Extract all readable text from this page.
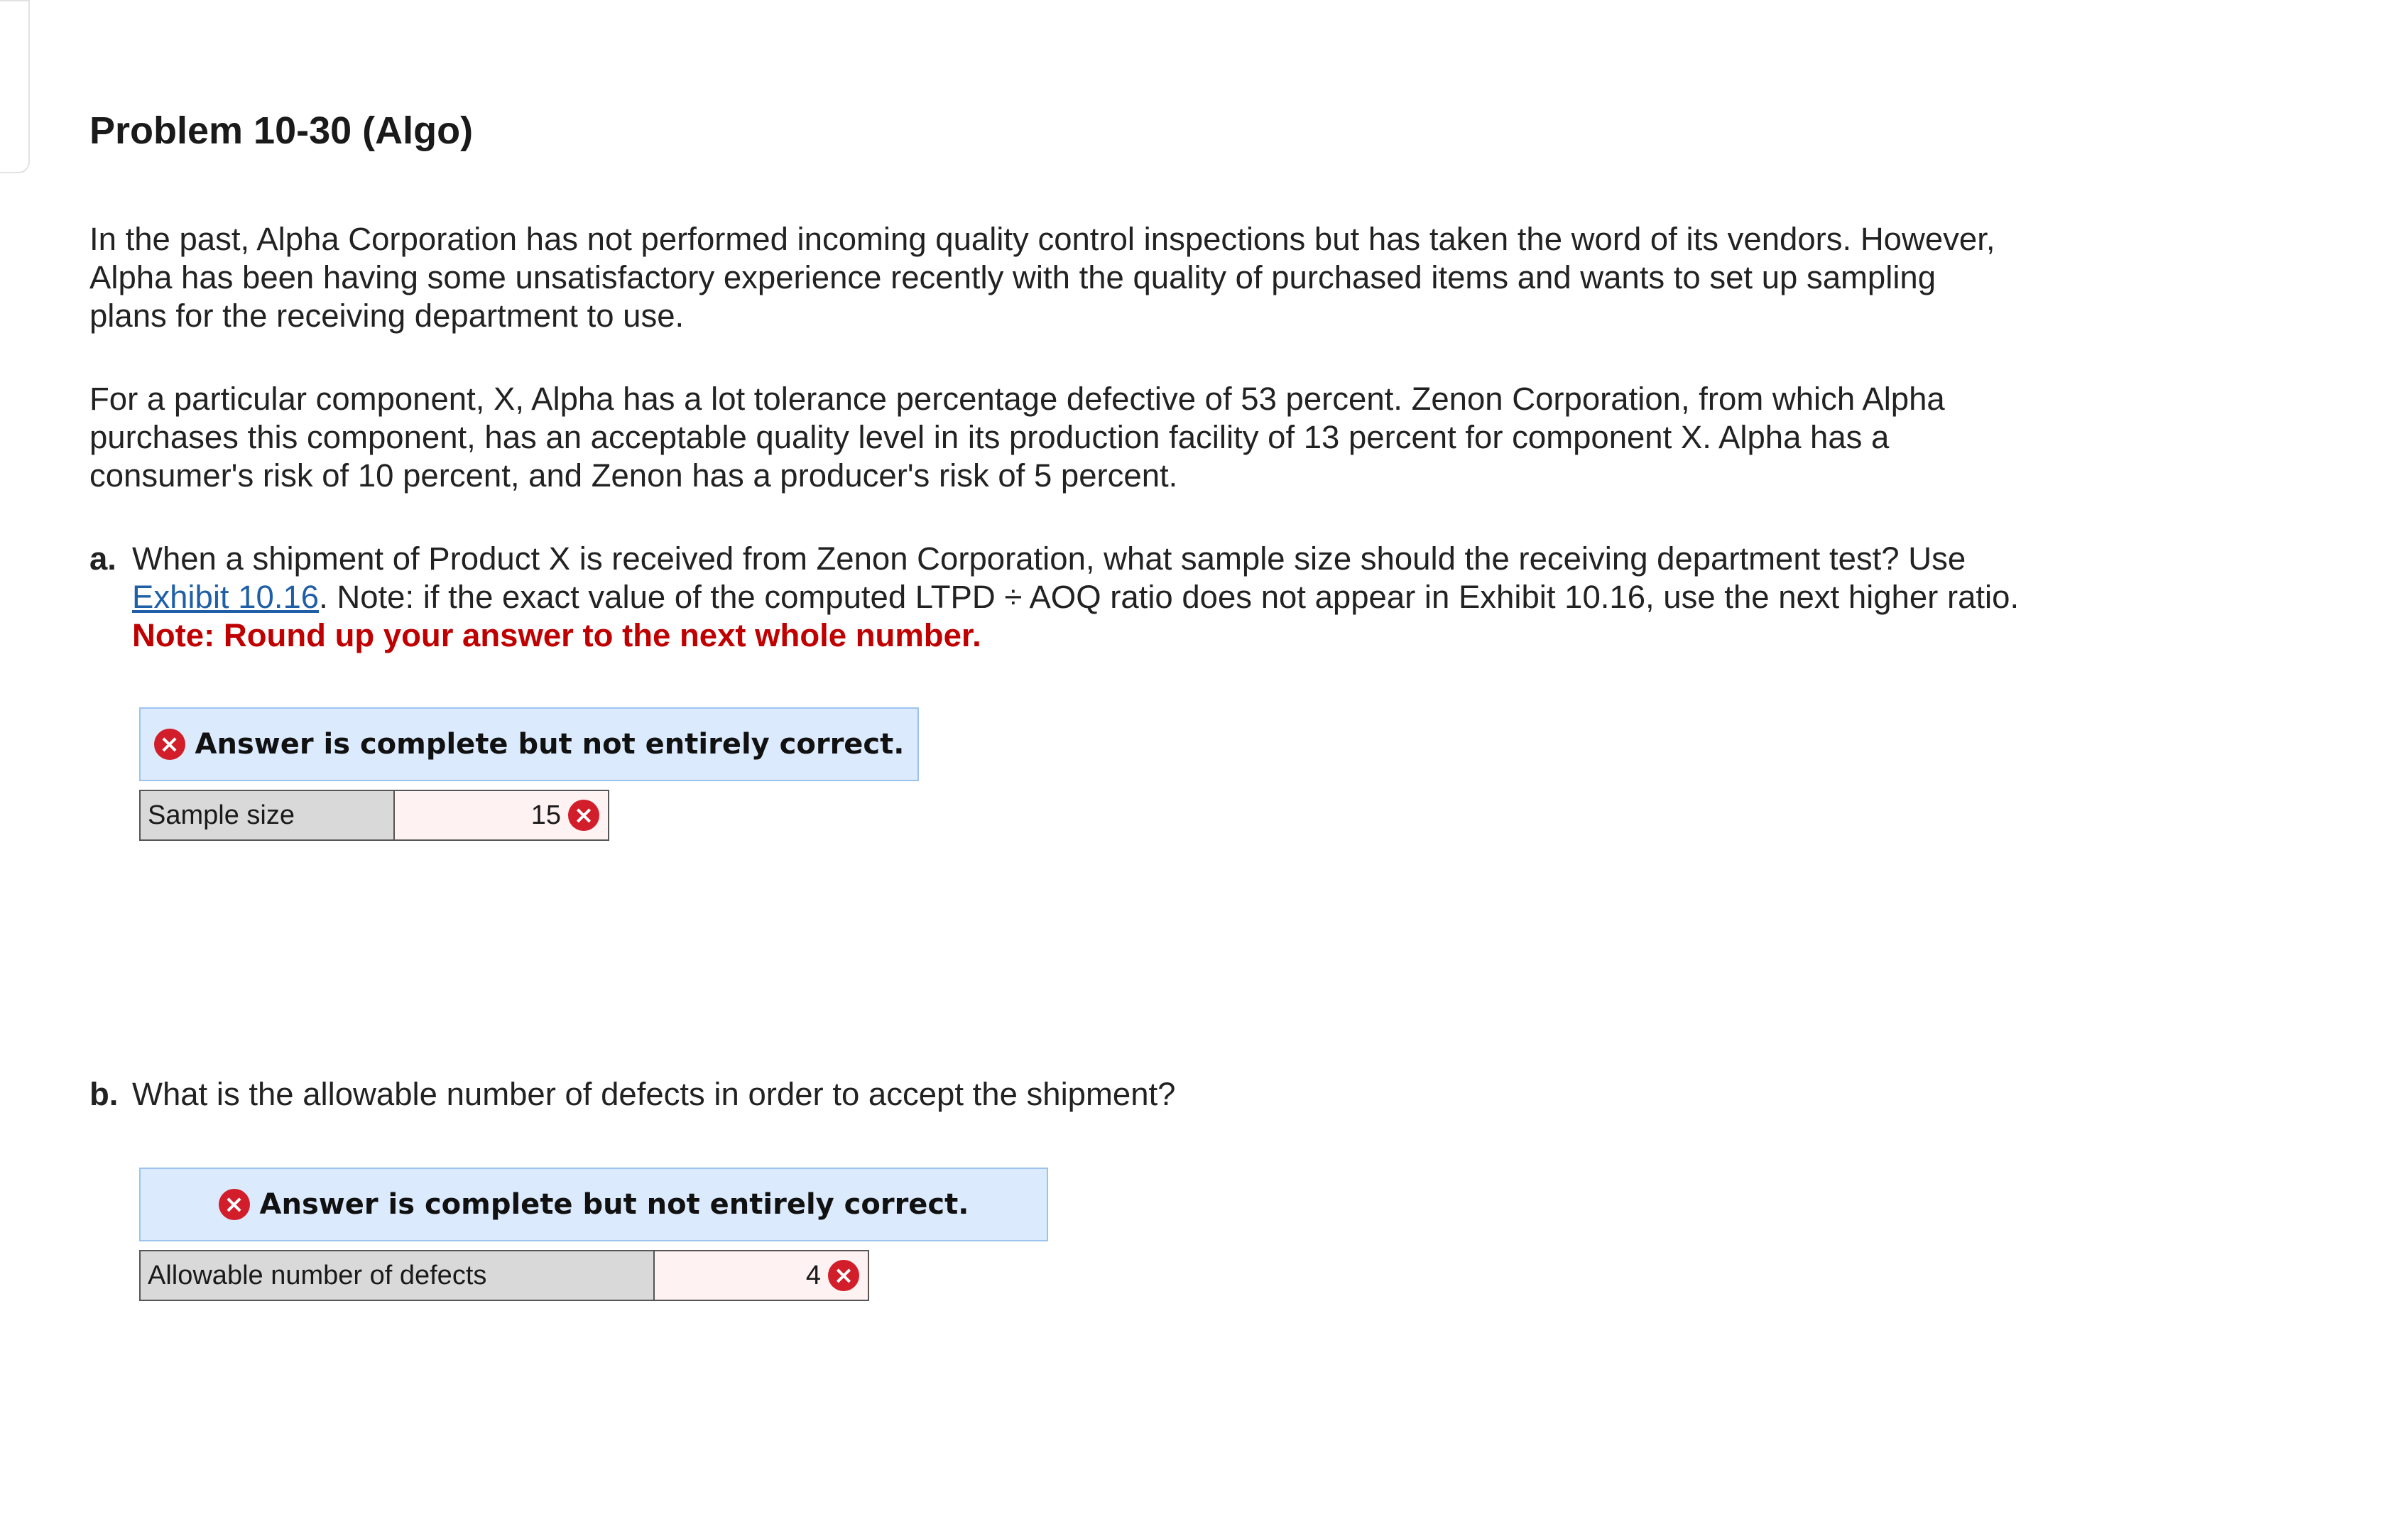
Problem 10-30 (Algo)
In the past, Alpha Corporation has not performed incoming quality control inspections but has taken the word of its vendors. However,
Alpha has been having some unsatisfactory experience recently with the quality of purchased items and wants to set up sampling
plans for the receiving department to use.
For a particular component, X, Alpha has a lot tolerance percentage defective of 53 percent. Zenon Corporation, from which Alpha
purchases this component, has an acceptable quality level in its production facility of 13 percent for component X. Alpha has a
consumer's risk of 10 percent, and Zenon has a producer's risk of 5 percent.
a. When a shipment of Product X is received from Zenon Corporation, what sample size should the receiving department test? Use
Exhibit 10.16. Note: if the exact value of the computed LTPD ÷ AOQ ratio does not appear in Exhibit 10.16, use the next higher ratio.
Note: Round up your answer to the next whole number.
× Answer is complete but not entirely correct.
Sample size	15 ×
b. What is the allowable number of defects in order to accept the shipment?
× Answer is complete but not entirely correct.
Allowable number of defects	4 ×
